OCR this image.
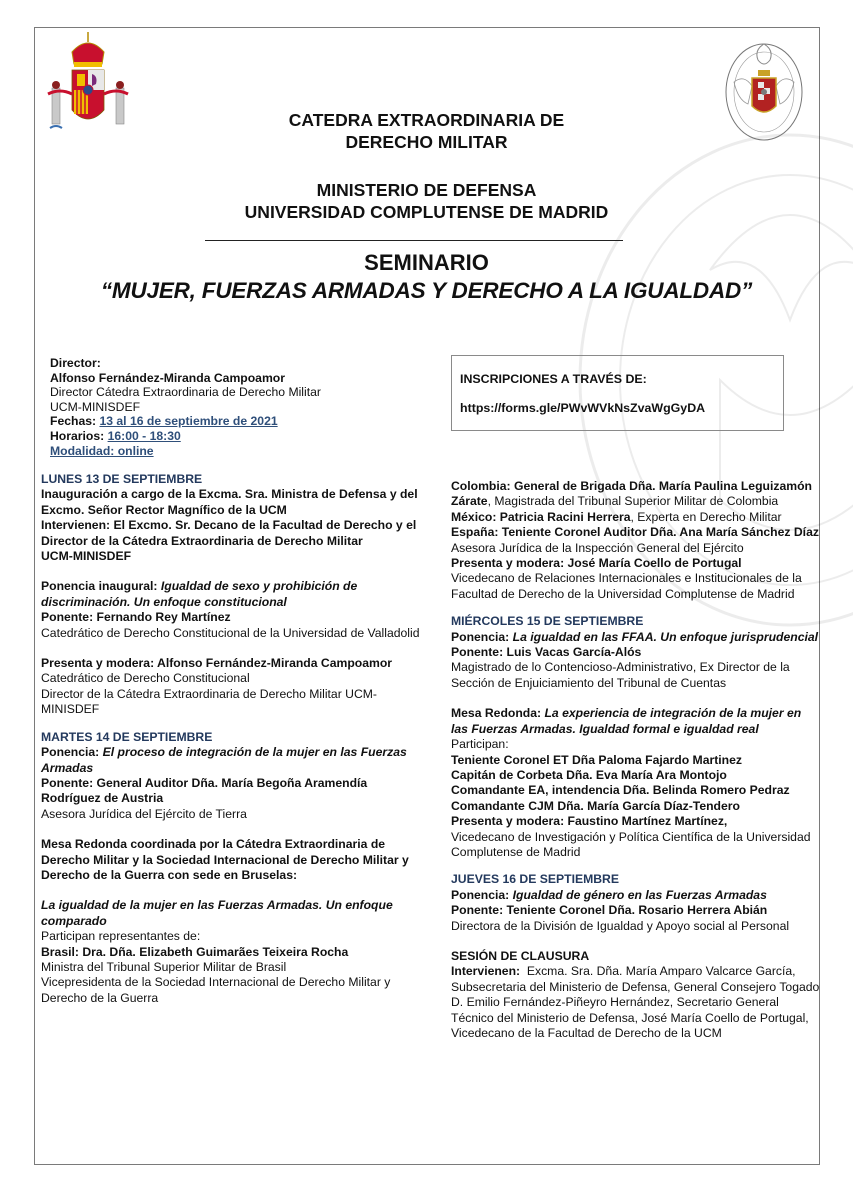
CATEDRA EXTRAORDINARIA DE

DERECHO MILITAR

MINISTERIO DE DEFENSA

UNIVERSIDAD COMPLUTENSE DE MADRID

SEMINARIO
“MUJER, FUERZAS ARMADAS Y DERECHO A LA IGUALDAD”

Director:

Alfonso Fernández-Miranda Campoamor

Director Cátedra Extraordinaria de Derecho Militar

UCM-MINISDEF

Fechas: 13 al 16 de septiembre de 2021

Horarios: 16:00 - 18:30

Modalidad: online

INSCRIPCIONES A TRAVÉS DE:

https://forms.gle/PWvWVkNsZvaWgGyDA

LUNES 13 DE SEPTIEMBRE

Inauguración a cargo de la Excma. Sra. Ministra de Defensa y del Excmo. Señor Rector Magnífico de la UCM

Intervienen: El Excmo. Sr. Decano de la Facultad de Derecho y el Director de la Cátedra Extraordinaria de Derecho Militar

UCM-MINISDEF

Ponencia inaugural: Igualdad de sexo y prohibición de discriminación. Un enfoque constitucional

Ponente: Fernando Rey Martínez

Catedrático de Derecho Constitucional de la Universidad de Valladolid

Presenta y modera: Alfonso Fernández-Miranda Campoamor

Catedrático de Derecho Constitucional

Director de la Cátedra Extraordinaria de Derecho Militar UCM-MINISDEF

MARTES 14 DE SEPTIEMBRE

Ponencia: El proceso de integración de la mujer en las Fuerzas Armadas

Ponente: General Auditor Dña. María Begoña Aramendía Rodríguez de Austria

Asesora Jurídica del Ejército de Tierra

Mesa Redonda coordinada por la Cátedra Extraordinaria de Derecho Militar y la Sociedad Internacional de Derecho Militar y Derecho de la Guerra con sede en Bruselas:

La igualdad de la mujer en las Fuerzas Armadas. Un enfoque comparado

Participan representantes de:

Brasil: Dra. Dña. Elizabeth Guimarães Teixeira Rocha

Ministra del Tribunal Superior Militar de Brasil

Vicepresidenta de la Sociedad Internacional de Derecho Militar y Derecho de la Guerra

Colombia: General de Brigada Dña. María Paulina Leguizamón Zárate, Magistrada del Tribunal Superior Militar de Colombia

México: Patricia Racini Herrera, Experta en Derecho Militar

España: Teniente Coronel Auditor Dña. Ana María Sánchez Díaz

Asesora Jurídica de la Inspección General del Ejército

Presenta y modera: José María Coello de Portugal

Vicedecano de Relaciones Internacionales e Institucionales de la Facultad de Derecho de la Universidad Complutense de Madrid

MIÉRCOLES 15 DE SEPTIEMBRE

Ponencia: La igualdad en las FFAA. Un enfoque jurisprudencial

Ponente: Luis Vacas García-Alós

Magistrado de lo Contencioso-Administrativo, Ex Director de la Sección de Enjuiciamiento del Tribunal de Cuentas

Mesa Redonda: La experiencia de integración de la mujer en las Fuerzas Armadas. Igualdad formal e igualdad real

Participan:

Teniente Coronel ET Dña Paloma Fajardo Martinez

Capitán de Corbeta Dña. Eva María Ara Montojo

Comandante EA, intendencia Dña. Belinda Romero Pedraz

Comandante CJM Dña. María García Díaz-Tendero

Presenta y modera: Faustino Martínez Martínez,

Vicedecano de Investigación y Política Científica de la Universidad Complutense de Madrid

JUEVES 16 DE SEPTIEMBRE

Ponencia: Igualdad de género en las Fuerzas Armadas

Ponente: Teniente Coronel Dña. Rosario Herrera Abián

Directora de la División de Igualdad y Apoyo social al Personal

SESIÓN DE CLAUSURA

Intervienen:  Excma. Sra. Dña. María Amparo Valcarce García, Subsecretaria del Ministerio de Defensa, General Consejero Togado D. Emilio Fernández-Piñeyro Hernández, Secretario General Técnico del Ministerio de Defensa, José María Coello de Portugal, Vicedecano de la Facultad de Derecho de la UCM
